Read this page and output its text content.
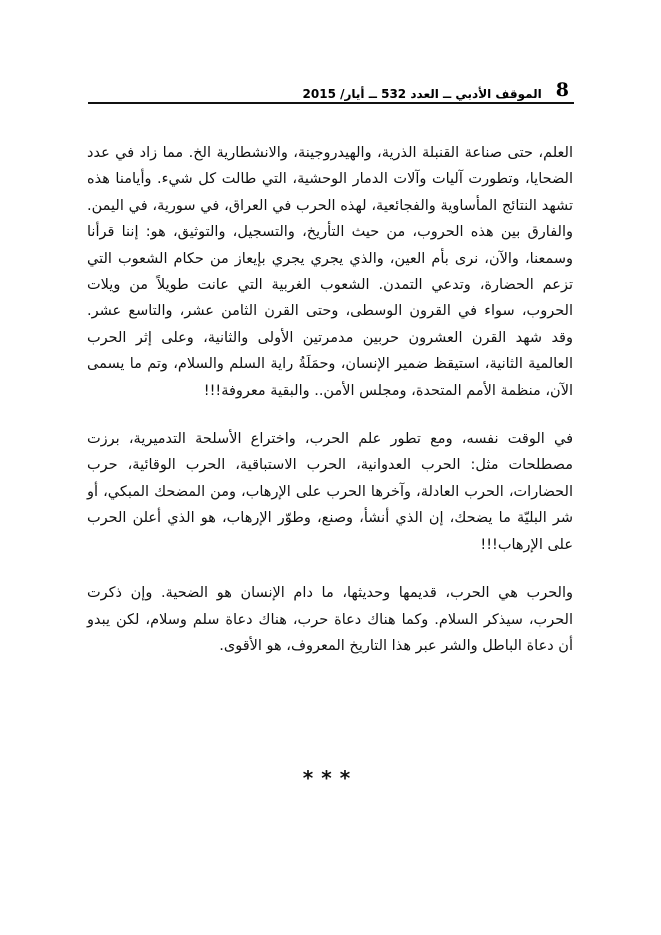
8
الموقف الأدبي ــ العدد 532 ــ أيار/ 2015

العلم، حتى صناعة القنبلة الذرية، والهيدروجينة، والانشطارية الخ. مما زاد في عدد الضحايا، وتطورت آليات وآلات الدمار الوحشية، التي طالت كل شيء. وأيامنا هذه تشهد النتائج المأساوية والفجائعية، لهذه الحرب في العراق، في سورية، في اليمن. والفارق بين هذه الحروب، من حيث التأريخ، والتسجيل، والتوثيق، هو: إننا قرأنا وسمعنا، والآن، نرى بأم العين، والذي يجري يجري بإيعاز من حكام الشعوب التي تزعم الحضارة، وتدعي التمدن. الشعوب الغربية التي عانت طويلاً من ويلات الحروب، سواء في القرون الوسطى، وحتى القرن الثامن عشر، والتاسع عشر. وقد شهد القرن العشرون حربين مدمرتين الأولى والثانية، وعلى إثر الحرب العالمية الثانية، استيقظ ضمير الإنسان، وحمَلَةُ راية السلم والسلام، وتم ما يسمى الآن، منظمة الأمم المتحدة، ومجلس الأمن.. والبقية معروفة!!!

في الوقت نفسه، ومع تطور علم الحرب، واختراع الأسلحة التدميرية، برزت مصطلحات مثل: الحرب العدوانية، الحرب الاستباقية، الحرب الوقائية، حرب الحضارات، الحرب العادلة، وآخرها الحرب على الإرهاب، ومن المضحك المبكي، أو شر البليّة ما يضحك، إن الذي أنشأ، وصنع، وطوّر الإرهاب، هو الذي أعلن الحرب على الإرهاب!!!

والحرب هي الحرب، قديمها وحديثها، ما دام الإنسان هو الضحية. وإن ذكرت الحرب، سيذكر السلام. وكما هناك دعاة حرب، هناك دعاة سلم وسلام، لكن يبدو أن دعاة الباطل والشر عبر هذا التاريخ المعروف، هو الأقوى.

***
